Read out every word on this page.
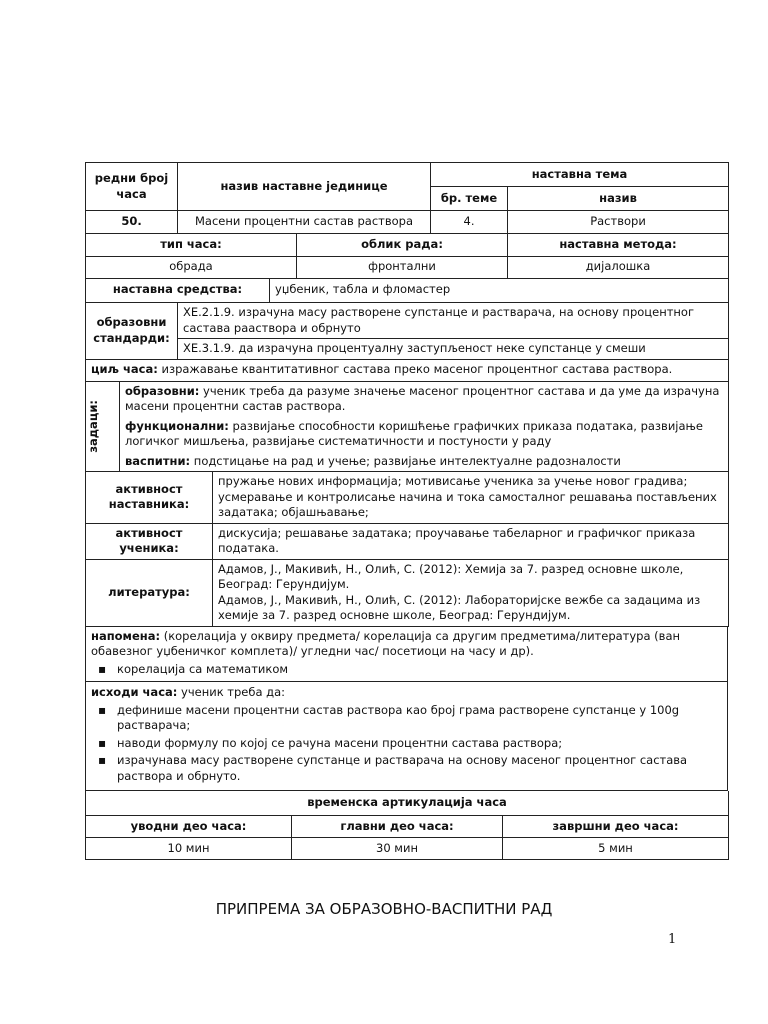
редни број часа	назив наставне јединице	наставна тема	
		бр. теме	назив
50.	Масени процентни састав раствора	4.	Раствори
тип часа:	облик рада:	наставна метода:
обрада	фронтални	дијалошка
наставна средства:		уџбеник, табла и фломастер
образовни стандарди:	ХЕ.2.1.9. израчуна масу растворене супстанце и растварача, на основу процентног састава рааствора и обрнуто	
	ХЕ.3.1.9. да израчуна процентуалну заступљеност неке супстанце у смеши	
циљ часа: изражавање квантитативног састава преко масеног процентног састава раствора.		
задаци:
	образовни: ученик треба да разуме значење масеног процентног састава и да уме да израчуна масени процентни састав раствора.
функционални: развијање способности коришћење графичких приказа података, развијање логичког мишљења, развијање систематичности и постуности у раду
васпитни: подстицање на рад и учење; развијање интелектуалне радозналости
активност наставника:	пружање нових информација; мотивисање ученика за учење новог градива; усмеравање и контролисање начина и тока самосталног решавања постављених задатака; објашњавање;
активност ученика:	дискусија; решавање задатака; проучавање табеларног и графичког приказа података.
литература:	Адамов, Ј., Макивић, Н., Олић, С. (2012): Хемија за 7. разред основне школе, Београд: Герундијум.
Адамов, Ј., Макивић, Н., Олић, С. (2012): Лабораторијске вежбе са задацима из хемије за 7. разред основне школе, Београд: Герундијум.
напомена: (корелација у оквиру предмета/ корелација са другим предметима/литература (ван обавезног уџбеничког комплета)/ угледни час/ посетиоци на часу и др).
▪ корелација са математиком
исходи часа: ученик треба да:
▪ дефинише масени процентни састав раствора као број грама растворене супстанце у 100g растварача;
▪ наводи формулу по којој се рачуна масени процентни састава раствора;
▪ израчунава масу растворене супстанце и растварача на основу масеног процентног састава раствора и обрнуто.
временска артикулација часа		
уводни део часа:	главни део часа:	завршни део часа:
10 мин	30 мин	5 мин
ПРИПРЕМА ЗА ОБРАЗОВНО-ВАСПИТНИ РАД
1
